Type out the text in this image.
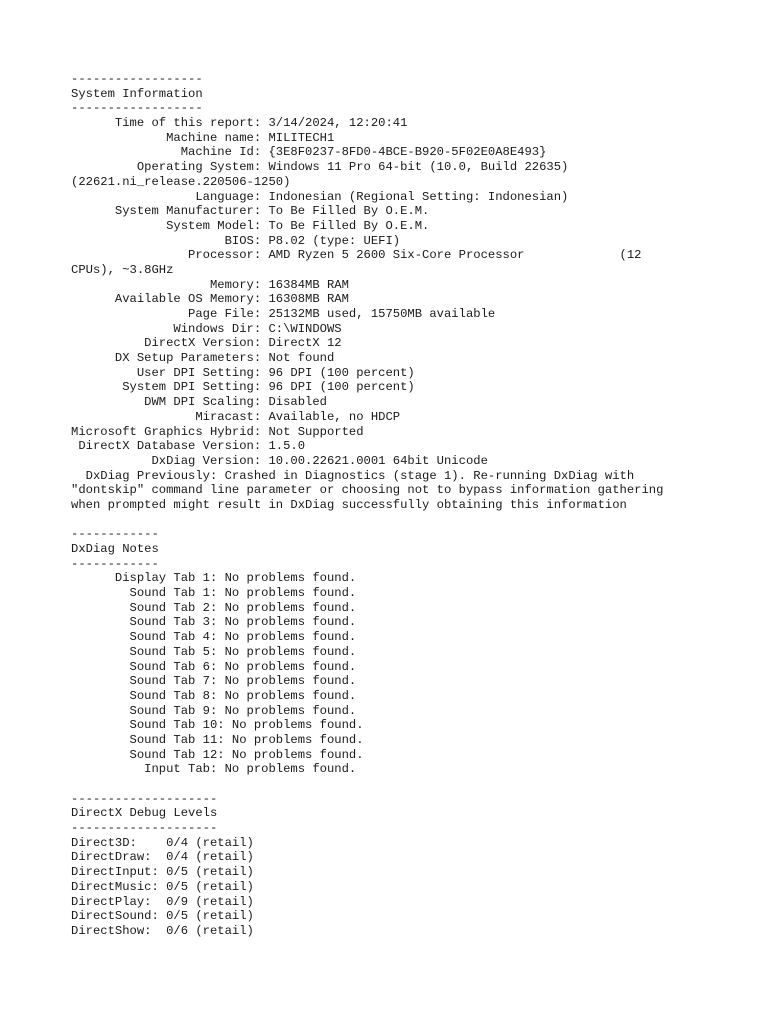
------------------
System Information
------------------
Time of this report: 3/14/2024, 12:20:41
Machine name: MILITECH1
Machine Id: {3E8F0237-8FD0-4BCE-B920-5F02E0A8E493}
Operating System: Windows 11 Pro 64-bit (10.0, Build 22635)
(22621.ni_release.220506-1250)
Language: Indonesian (Regional Setting: Indonesian)
System Manufacturer: To Be Filled By O.E.M.
System Model: To Be Filled By O.E.M.
BIOS: P8.02 (type: UEFI)
Processor: AMD Ryzen 5 2600 Six-Core Processor             (12
CPUs), ~3.8GHz
Memory: 16384MB RAM
Available OS Memory: 16308MB RAM
Page File: 25132MB used, 15750MB available
Windows Dir: C:\WINDOWS
DirectX Version: DirectX 12
DX Setup Parameters: Not found
User DPI Setting: 96 DPI (100 percent)
System DPI Setting: 96 DPI (100 percent)
DWM DPI Scaling: Disabled
Miracast: Available, no HDCP
Microsoft Graphics Hybrid: Not Supported
DirectX Database Version: 1.5.0
DxDiag Version: 10.00.22621.0001 64bit Unicode
DxDiag Previously: Crashed in Diagnostics (stage 1). Re-running DxDiag with
"dontskip" command line parameter or choosing not to bypass information gathering
when prompted might result in DxDiag successfully obtaining this information
------------
DxDiag Notes
------------
Display Tab 1: No problems found.
Sound Tab 1: No problems found.
Sound Tab 2: No problems found.
Sound Tab 3: No problems found.
Sound Tab 4: No problems found.
Sound Tab 5: No problems found.
Sound Tab 6: No problems found.
Sound Tab 7: No problems found.
Sound Tab 8: No problems found.
Sound Tab 9: No problems found.
Sound Tab 10: No problems found.
Sound Tab 11: No problems found.
Sound Tab 12: No problems found.
Input Tab: No problems found.
--------------------
DirectX Debug Levels
--------------------
Direct3D:    0/4 (retail)
DirectDraw:  0/4 (retail)
DirectInput: 0/5 (retail)
DirectMusic: 0/5 (retail)
DirectPlay:  0/9 (retail)
DirectSound: 0/5 (retail)
DirectShow:  0/6 (retail)
